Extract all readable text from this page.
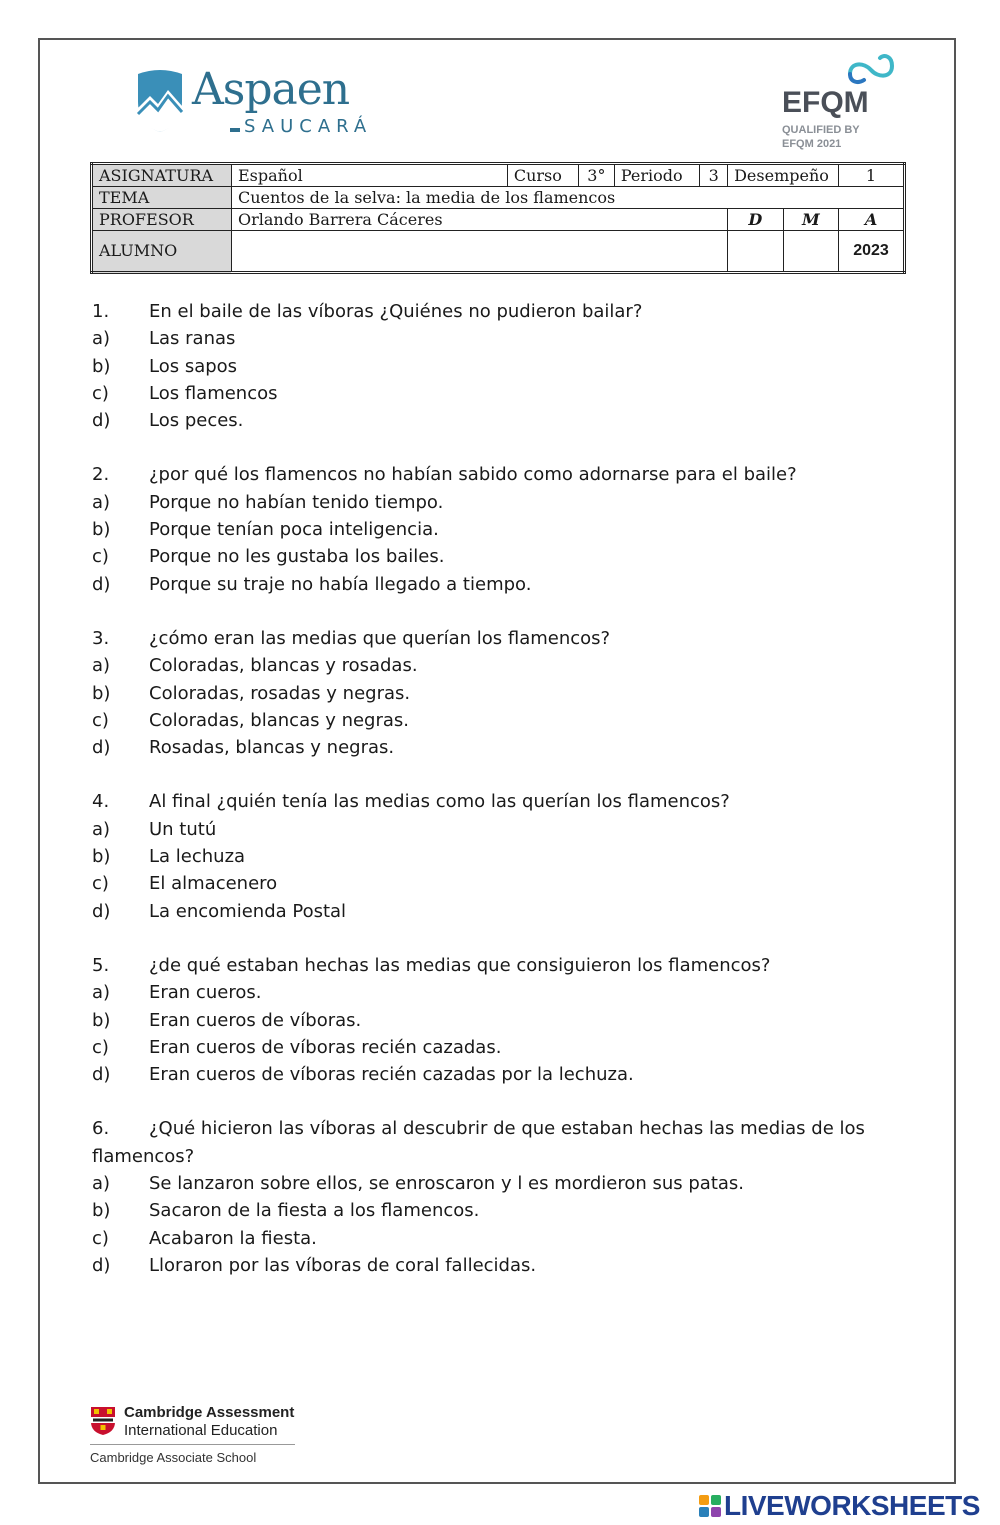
Aspaen
SAUCARÁ
EFQM
QUALIFIED BY
EFQM 2021
ASIGNATURA	Español	Curso	3°	Periodo	3	Desempeño		1
TEMA	Cuentos de la selva: la media de los flamencos							
PROFESOR	Orlando Barrera Cáceres					D	M	A
ALUMNO								2023
1.	En el baile de las víboras ¿Quiénes no pudieron bailar?
a)	Las ranas
b)	Los sapos
c)	Los flamencos
d)	Los peces.
2.	¿por qué los flamencos no habían sabido como adornarse para el baile?
a)	Porque no habían tenido tiempo.
b)	Porque tenían poca inteligencia.
c)	Porque no les gustaba los bailes.
d)	Porque su traje no había llegado a tiempo.
3.	¿cómo eran las medias que querían los flamencos?
a)	Coloradas, blancas y rosadas.
b)	Coloradas, rosadas y negras.
c)	Coloradas, blancas y negras.
d)	Rosadas, blancas y negras.
4.	Al final ¿quién tenía las medias como las querían los flamencos?
a)	Un tutú
b)	La lechuza
c)	El almacenero
d)	La encomienda Postal
5.	¿de qué estaban hechas las medias que consiguieron los flamencos?
a)	Eran cueros.
b)	Eran cueros de víboras.
c)	Eran cueros de víboras recién cazadas.
d)	Eran cueros de víboras recién cazadas por la lechuza.
6. ¿Qué hicieron las víboras al descubrir de que estaban hechas las medias de los flamencos?
a)	Se lanzaron sobre ellos, se enroscaron y l es mordieron sus patas.
b)	Sacaron de la fiesta a los flamencos.
c)	Acabaron la fiesta.
d)	Lloraron por las víboras de coral fallecidas.
Cambridge Assessment
International Education
Cambridge Associate School
LIVEWORKSHEETS
